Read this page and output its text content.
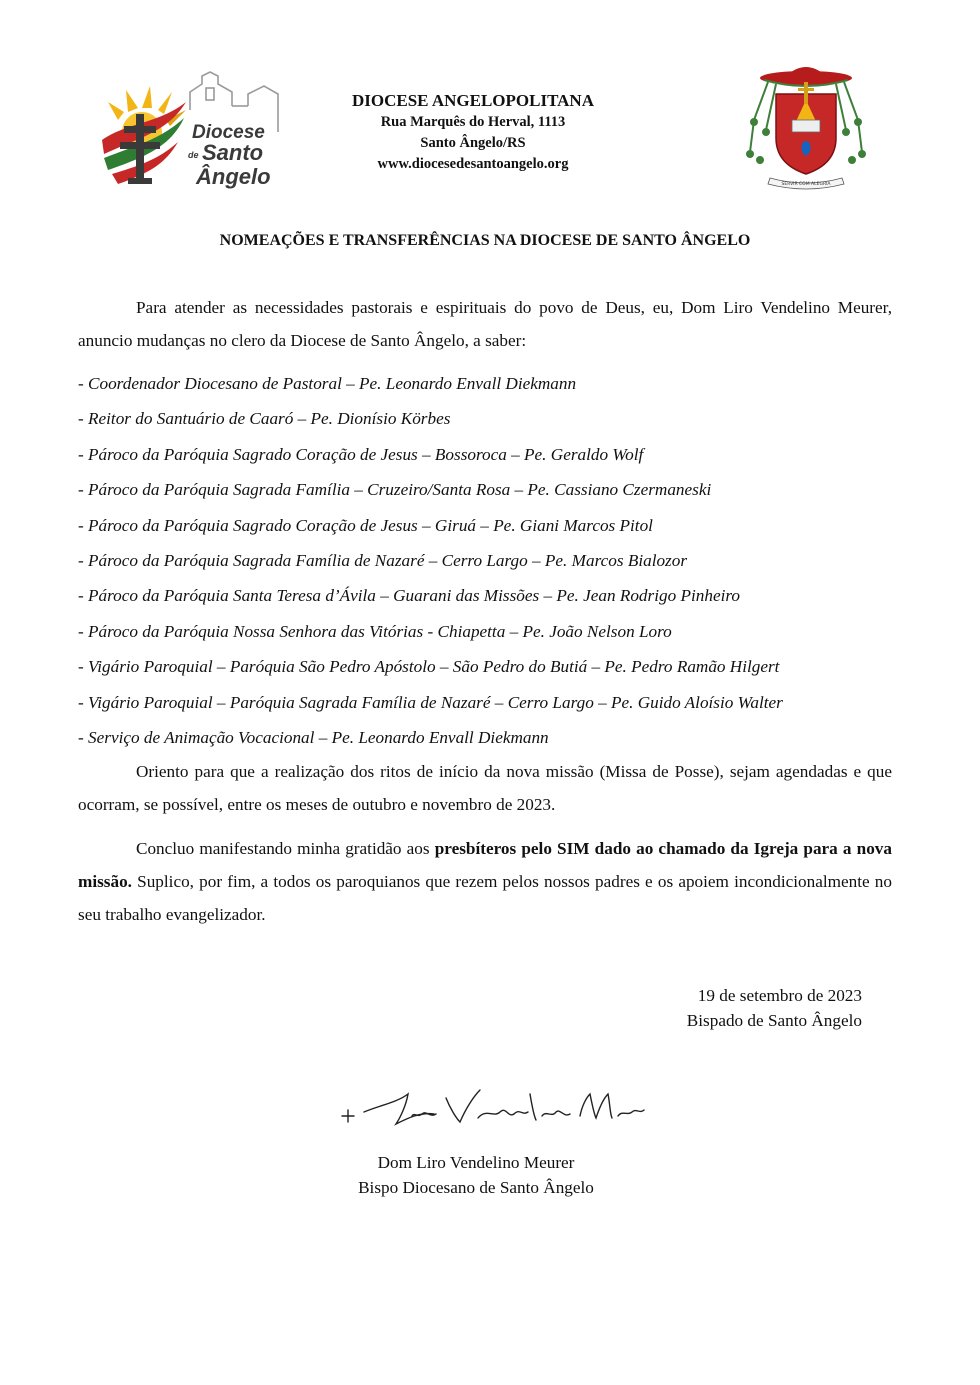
Diocese
de Santo
Ângelo
DIOCESE ANGELOPOLITANA
Rua Marquês do Herval, 1113
Santo Ângelo/RS
www.diocesedesantoangelo.org
SERVIR COM ALEGRIA
NOMEAÇÕES E TRANSFERÊNCIAS NA DIOCESE DE SANTO ÂNGELO
Para atender as necessidades pastorais e espirituais do povo de Deus, eu, Dom Liro Vendelino Meurer, anuncio mudanças no clero da Diocese de Santo Ângelo, a saber:
- Coordenador Diocesano de Pastoral – Pe. Leonardo Envall Diekmann
- Reitor do Santuário de Caaró – Pe. Dionísio Körbes
- Pároco da Paróquia Sagrado Coração de Jesus – Bossoroca – Pe. Geraldo Wolf
- Pároco da Paróquia Sagrada Família – Cruzeiro/Santa Rosa – Pe. Cassiano Czermaneski
- Pároco da Paróquia Sagrado Coração de Jesus – Giruá – Pe. Giani Marcos Pitol
- Pároco da Paróquia Sagrada Família de Nazaré – Cerro Largo – Pe. Marcos Bialozor
- Pároco da Paróquia Santa Teresa d’Ávila – Guarani das Missões – Pe. Jean Rodrigo Pinheiro
- Pároco da Paróquia Nossa Senhora das Vitórias - Chiapetta – Pe. João Nelson Loro
- Vigário Paroquial – Paróquia São Pedro Apóstolo – São Pedro do Butiá – Pe. Pedro Ramão Hilgert
- Vigário Paroquial – Paróquia Sagrada Família de Nazaré – Cerro Largo – Pe. Guido Aloísio Walter
- Serviço de Animação Vocacional – Pe. Leonardo Envall Diekmann
Oriento para que a realização dos ritos de início da nova missão (Missa de Posse), sejam agendadas e que ocorram, se possível, entre os meses de outubro e novembro de 2023.
Concluo manifestando minha gratidão aos presbíteros pelo SIM dado ao chamado da Igreja para a nova missão. Suplico, por fim, a todos os paroquianos que rezem pelos nossos padres e os apoiem incondicionalmente no seu trabalho evangelizador.
19 de setembro de 2023
Bispado de Santo Ângelo
Dom Liro Vendelino Meurer
Bispo Diocesano de Santo Ângelo
